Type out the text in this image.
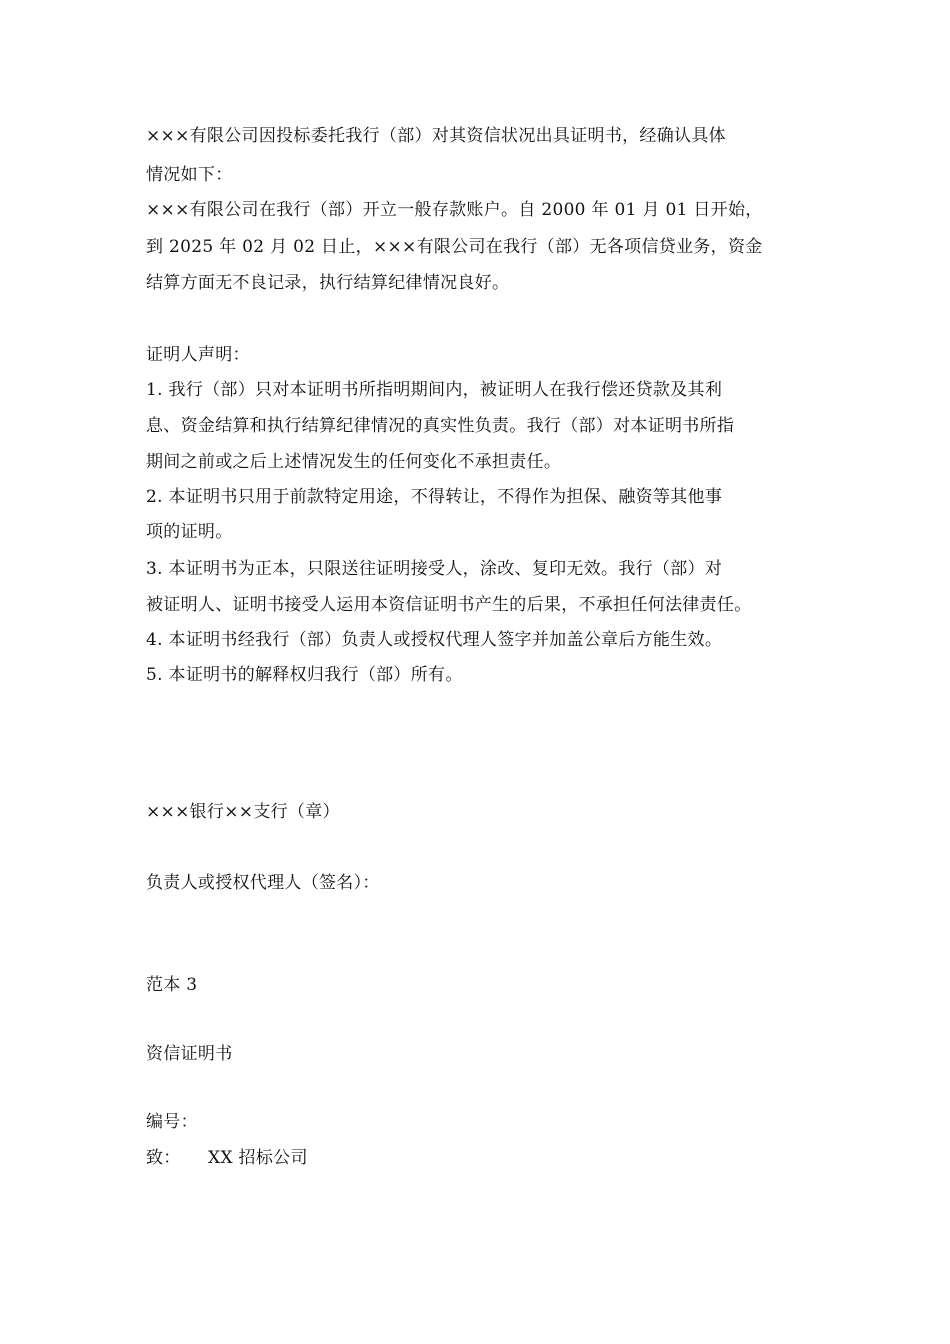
×××有限公司因投标委托我行（部）对其资信状况出具证明书，经确认具体
情况如下：
×××有限公司在我行（部）开立一般存款账户。自 2000 年 01 月 01 日开始，
到 2025 年 02 月 02 日止，×××有限公司在我行（部）无各项信贷业务，资金
结算方面无不良记录，执行结算纪律情况良好。
证明人声明：
1. 我行（部）只对本证明书所指明期间内，被证明人在我行偿还贷款及其利
息、资金结算和执行结算纪律情况的真实性负责。我行（部）对本证明书所指
期间之前或之后上述情况发生的任何变化不承担责任。
2. 本证明书只用于前款特定用途，不得转让，不得作为担保、融资等其他事
项的证明。
3. 本证明书为正本，只限送往证明接受人，涂改、复印无效。我行（部）对
被证明人、证明书接受人运用本资信证明书产生的后果，不承担任何法律责任。
4. 本证明书经我行（部）负责人或授权代理人签字并加盖公章后方能生效。
5. 本证明书的解释权归我行（部）所有。
×××银行××支行（章）
负责人或授权代理人（签名）：
范本 3
资信证明书
编号：
致： XX 招标公司
